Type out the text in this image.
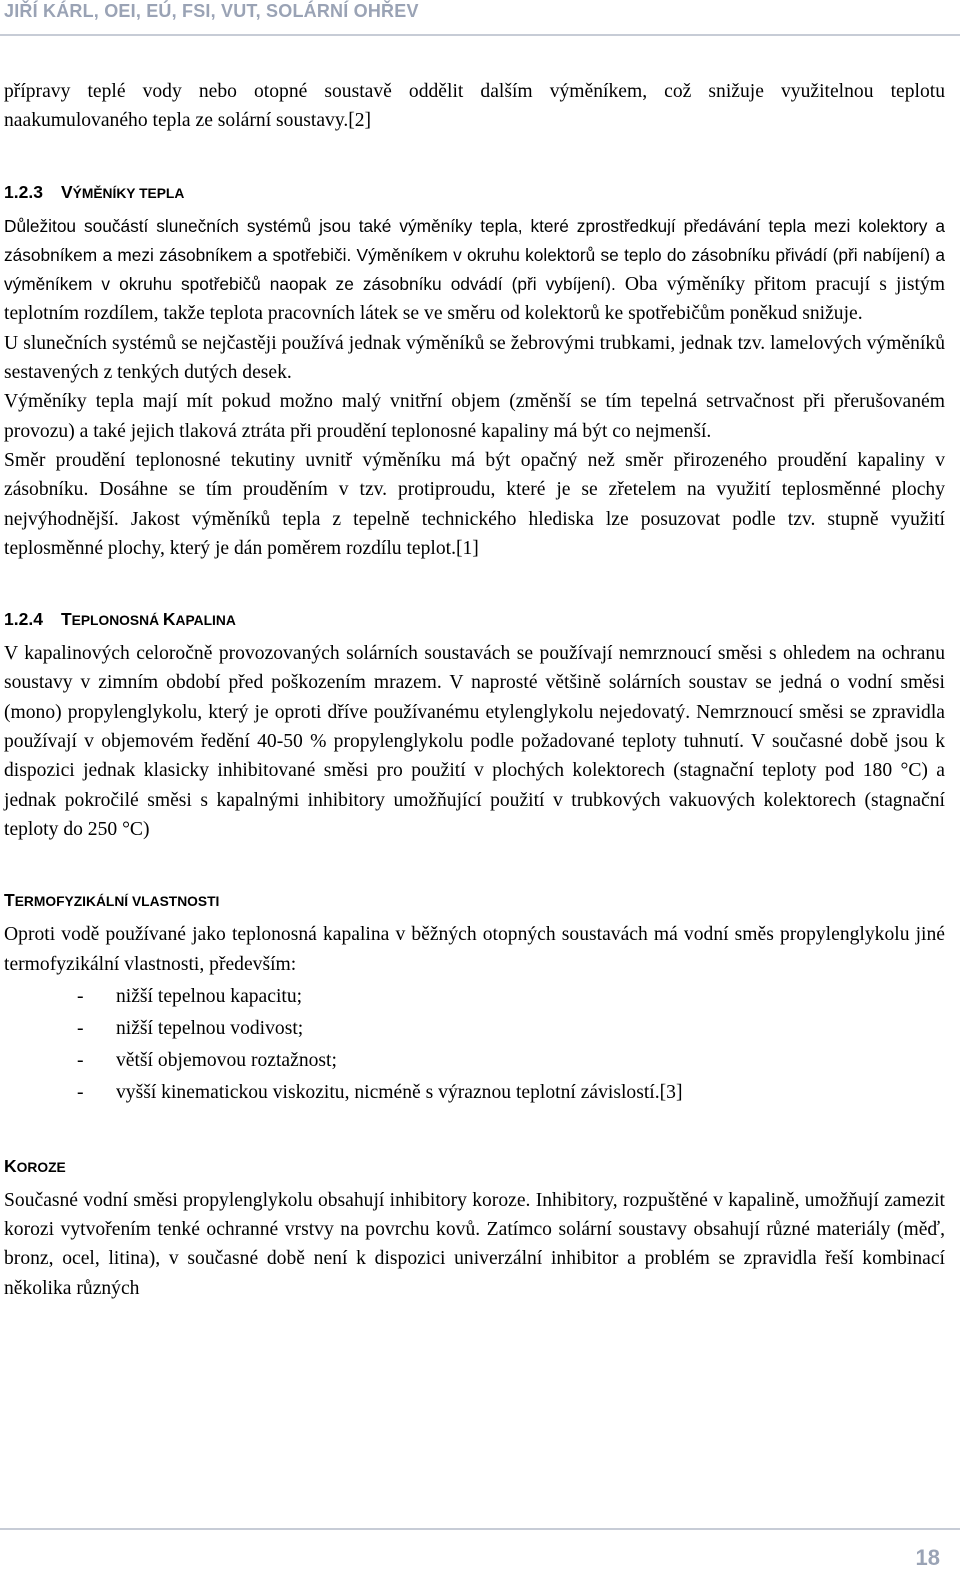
JIŘÍ KÁRL, OEI, EÚ, FSI, VUT, SOLÁRNÍ OHŘEV

přípravy teplé vody nebo otopné soustavě oddělit dalším výměníkem, což snižuje využitelnou teplotu naakumulovaného tepla ze solární soustavy.[2]

1.2.3 VÝMĚNÍKY TEPLA

Důležitou součástí slunečních systémů jsou také výměníky tepla, které zprostředkují předávání tepla mezi kolektory a zásobníkem a mezi zásobníkem a spotřebiči. Výměníkem v okruhu kolektorů se teplo do zásobníku přivádí (při nabíjení) a výměníkem v okruhu spotřebičů naopak ze zásobníku odvádí (při vybíjení). Oba výměníky přitom pracují s jistým teplotním rozdílem, takže teplota pracovních látek se ve směru od kolektorů ke spotřebičům poněkud snižuje.

U slunečních systémů se nejčastěji používá jednak výměníků se žebrovými trubkami, jednak tzv. lamelových výměníků sestavených z tenkých dutých desek.

Výměníky tepla mají mít pokud možno malý vnitřní objem (změnší se tím tepelná setrvačnost při přerušovaném provozu) a také jejich tlaková ztráta při proudění teplonosné kapaliny má být co nejmenší.

Směr proudění teplonosné tekutiny uvnitř výměníku má být opačný než směr přirozeného proudění kapaliny v zásobníku. Dosáhne se tím prouděním v tzv. protiproudu, které je se zřetelem na využití teplosměnné plochy nejvýhodnější. Jakost výměníků tepla z tepelně technického hlediska lze posuzovat podle tzv. stupně využití teplosměnné plochy, který je dán poměrem rozdílu teplot.[1]

1.2.4 TEPLONOSNÁ KAPALINA

V kapalinových celoročně provozovaných solárních soustavách se používají nemrznoucí směsi s ohledem na ochranu soustavy v zimním období před poškozením mrazem. V naprosté většině solárních soustav se jedná o vodní směsi (mono) propylenglykolu, který je oproti dříve používanému etylenglykolu nejedovatý. Nemrznoucí směsi se zpravidla používají v objemovém ředění 40-50 % propylenglykolu podle požadované teploty tuhnutí. V současné době jsou k dispozici jednak klasicky inhibitované směsi pro použití v plochých kolektorech (stagnační teploty pod 180 °C) a jednak pokročilé směsi s kapalnými inhibitory umožňující použití v trubkových vakuových kolektorech (stagnační teploty do 250 °C)

TERMOFYZIKÁLNÍ VLASTNOSTI

Oproti vodě používané jako teplonosná kapalina v běžných otopných soustavách má vodní směs propylenglykolu jiné termofyzikální vlastnosti, především:

- nižší tepelnou kapacitu;
- nižší tepelnou vodivost;
- větší objemovou roztažnost;
- vyšší kinematickou viskozitu, nicméně s výraznou teplotní závislostí.[3]
KOROZE

Současné vodní směsi propylenglykolu obsahují inhibitory koroze. Inhibitory, rozpuštěné v kapalině, umožňují zamezit korozi vytvořením tenké ochranné vrstvy na povrchu kovů. Zatímco solární soustavy obsahují různé materiály (měď, bronz, ocel, litina), v současné době není k dispozici univerzální inhibitor a problém se zpravidla řeší kombinací několika různých

18
